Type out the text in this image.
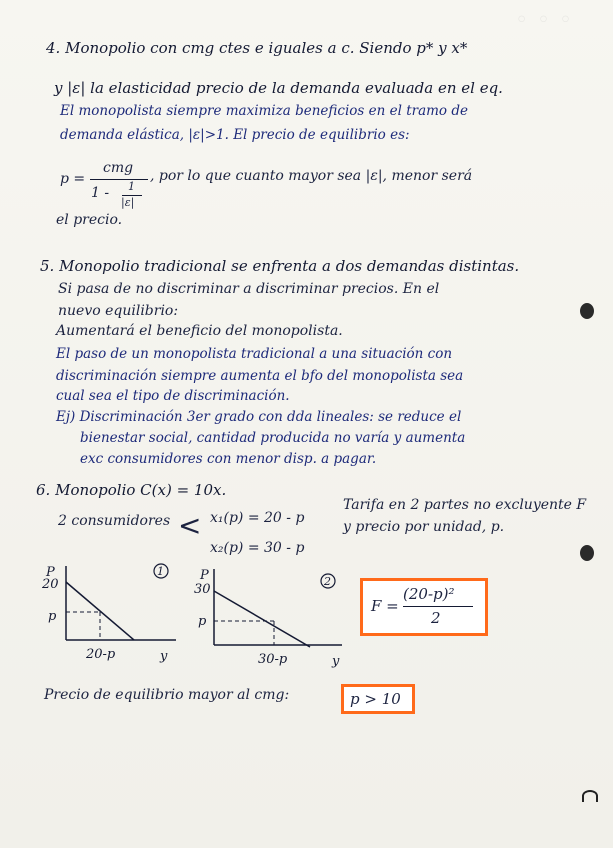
◦ ◦ ◦
4. Monopolio con cmg ctes e iguales a c. Siendo p* y x*
y |ε| la elasticidad precio de la demanda evaluada en el eq.
El monopolista siempre maximiza beneficios en el tramo de
demanda elástica, |ε|>1. El precio de equilibrio es:
p =
cmg
1 - 1
|ε|
, por lo que cuanto mayor sea |ε|, menor será
el precio.
5. Monopolio tradicional se enfrenta a dos demandas distintas.
Si pasa de no discriminar a discriminar precios. En el
nuevo equilibrio:
Aumentará el beneficio del monopolista.
El paso de un monopolista tradicional a una situación con
discriminación siempre aumenta el bfo del monopolista sea
cual sea el tipo de discriminación.
Ej) Discriminación 3er grado con dda lineales: se reduce el
bienestar social, cantidad producida no varía y aumenta
exc consumidores con menor disp. a pagar.
6. Monopolio C(x) = 10x.
Tarifa en 2 partes no excluyente F
y precio por unidad, p.
2 consumidores < x₁(p) = 20 - p
x₂(p) = 30 - p
1
P
20
p
20-p	y
2
P
30
p
30-p	y
F =
(20-p)²
2
Precio de equilibrio mayor al cmg:	p > 10
